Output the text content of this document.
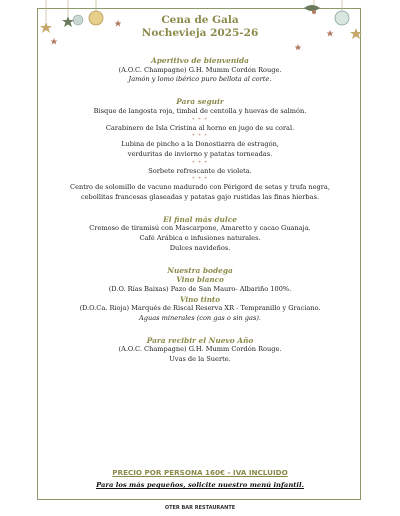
Cena de Gala
Nochevieja 2025-26
Aperitivo de bienvenida
(A.O.C. Champagne) G.H. Mumm Cordón Rouge.
Jamón y lomo ibérico puro bellota al corte.
Para seguir
Bisque de langosta roja, timbal de centolla y huevas de salmón.
* * *
Carabinero de Isla Cristina al horno en jugo de su coral.
* * *
Lubina de pincho a la Donostiarra de estragón,
verduritas de invierno y patatas torneadas.
* * *
Sorbete refrescante de violeta.
* * *
Centro de solomillo de vacuno madurado con Périgord de setas y trufa negra,
cebollitas francesas glaseadas y patatas gajo rustidas las finas hierbas.
El final más dulce
Cremoso de tiramisú con Mascarpone, Amaretto y cacao Guanaja.
Café Arábica e infusiones naturales.
Dulces navideños.
Nuestra bodega
Vino blanco
(D.O. Rías Baixas) Pazo de San Mauro- Albariño 100%.
Vino tinto
(D.O.Ca. Rioja) Marqués de Riscal Reserva XR - Tempranillo y Graciano.
Aguas minerales (con gas o sin gas).
Para recibir el Nuevo Año
(A.O.C. Champagne) G.H. Mumm Cordón Rouge.
Uvas de la Suerte.
PRECIO POR PERSONA 160€ - IVA INCLUIDO
Para los más pequeños, solicite nuestro menú infantil.
OTER BAR RESTAURANTE
